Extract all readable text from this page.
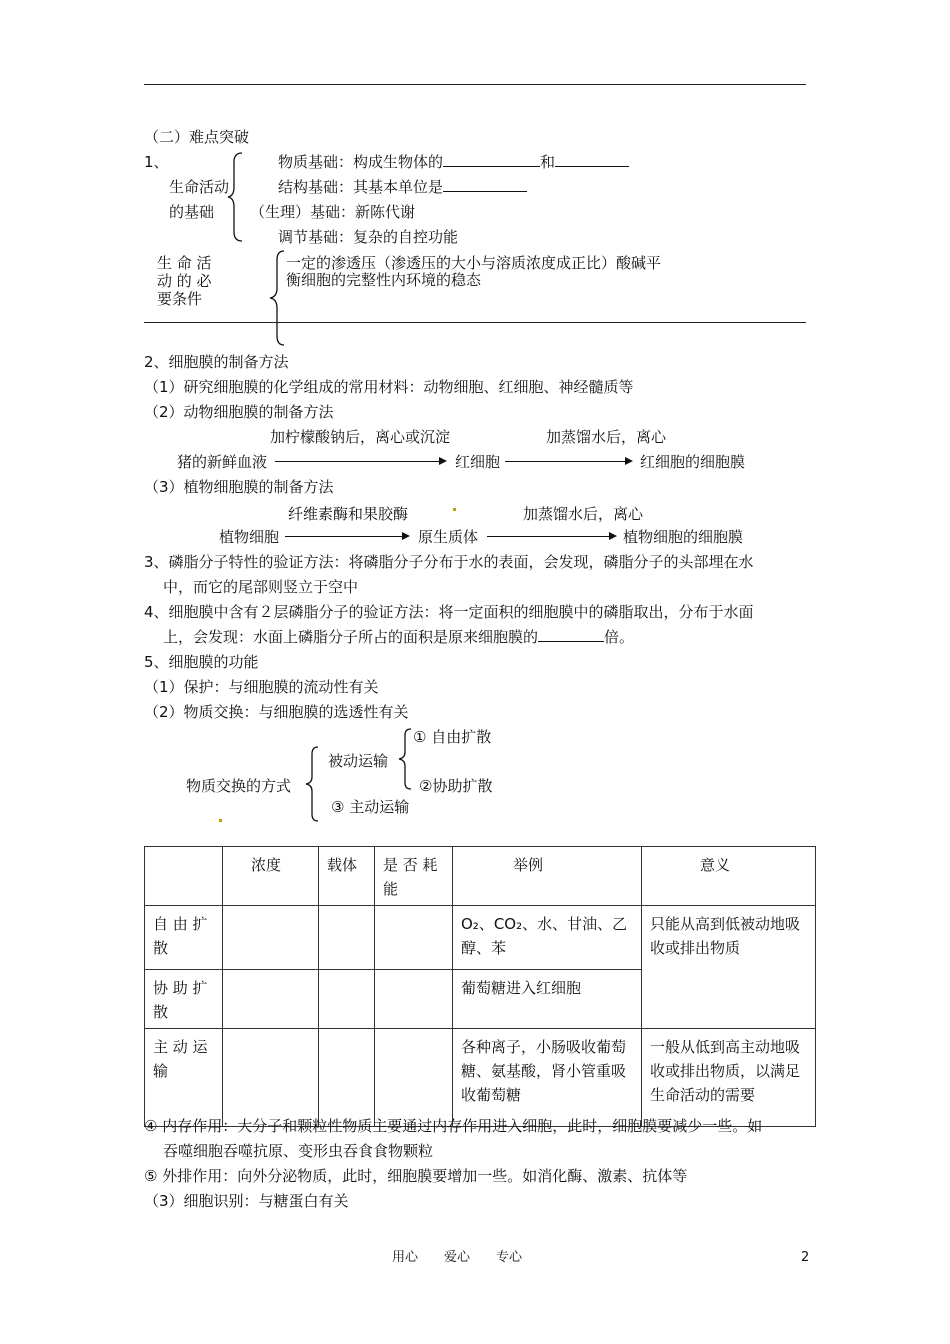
（二）难点突破
1、
生命活动
的基础
物质基础：构成生物体的	和
结构基础：其基本单位是
（生理）基础：新陈代谢
调节基础：复杂的自控功能
生 命 活
动 的 必
要条件
一定的渗透压（渗透压的大小与溶质浓度成正比）酸碱平
衡细胞的完整性内环境的稳态
2、细胞膜的制备方法
（1）研究细胞膜的化学组成的常用材料：动物细胞、红细胞、神经髓质等
（2）动物细胞膜的制备方法
加柠檬酸钠后，离心或沉淀	加蒸馏水后，离心
猪的新鲜血液	红细胞	红细胞的细胞膜
（3）植物细胞膜的制备方法
纤维素酶和果胶酶	加蒸馏水后，离心
植物细胞	原生质体	植物细胞的细胞膜
3、磷脂分子特性的验证方法：将磷脂分子分布于水的表面，会发现，磷脂分子的头部埋在水
中，而它的尾部则竖立于空中
4、细胞膜中含有２层磷脂分子的验证方法：将一定面积的细胞膜中的磷脂取出，分布于水面
上，会发现：水面上磷脂分子所占的面积是原来细胞膜的	倍。
5、细胞膜的功能
（1）保护：与细胞膜的流动性有关
（2）物质交换：与细胞膜的选透性有关
物质交换的方式
被动运输
① 自由扩散
②协助扩散
③ 主动运输
	浓度	载体	是 否 耗能	举例	意义
自 由 扩散				O₂、CO₂、水、甘油、乙醇、苯	只能从高到低被动地吸收或排出物质
协 助 扩散				葡萄糖进入红细胞	
主 动 运输				各种离子，小肠吸收葡萄糖、氨基酸，肾小管重吸收葡萄糖	一般从低到高主动地吸收或排出物质，以满足生命活动的需要
④ 内存作用：大分子和颗粒性物质主要通过内存作用进入细胞，此时，细胞膜要减少一些。如
吞噬细胞吞噬抗原、变形虫吞食食物颗粒
⑤ 外排作用：向外分泌物质，此时，细胞膜要增加一些。如消化酶、激素、抗体等
（3）细胞识别：与糖蛋白有关
用心　　爱心　　专心	2
